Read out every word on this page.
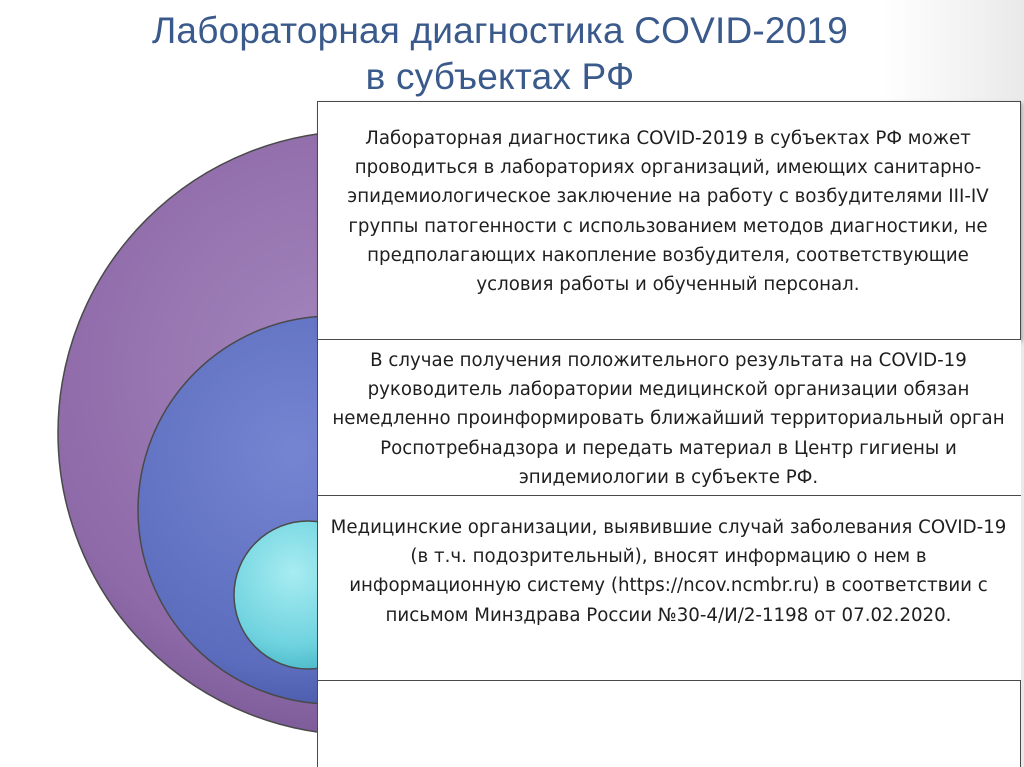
Лабораторная диагностика COVID-2019
в субъектах РФ
Лабораторная диагностика COVID-2019 в субъектах РФ может проводиться в лабораториях организаций, имеющих санитарно-эпидемиологическое заключение на работу с возбудителями III-IV группы патогенности с использованием методов диагностики, не предполагающих накопление возбудителя, соответствующие условия работы и обученный персонал.
В случае получения положительного результата на COVID-19 руководитель лаборатории медицинской организации обязан немедленно проинформировать ближайший территориальный орган Роспотребнадзора и передать материал в Центр гигиены и эпидемиологии в субъекте РФ.
Медицинские организации, выявившие случай заболевания COVID-19 (в т.ч. подозрительный), вносят информацию о нем в информационную систему (https://ncov.ncmbr.ru) в соответствии с письмом Минздрава России №30-4/И/2-1198 от 07.02.2020.
